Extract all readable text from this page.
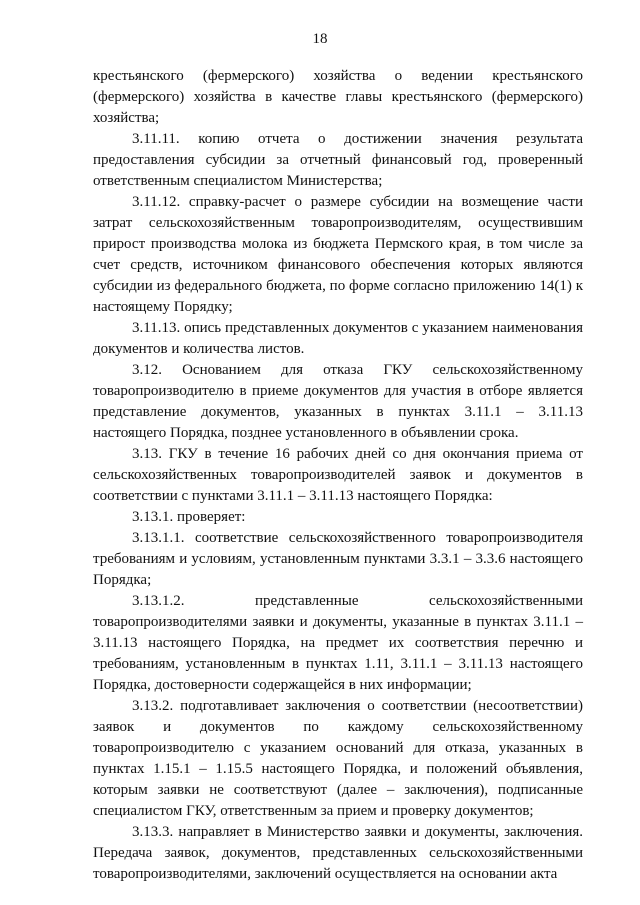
18

крестьянского (фермерского) хозяйства о ведении крестьянского (фермерского) хозяйства в качестве главы крестьянского (фермерского) хозяйства;

3.11.11. копию отчета о достижении значения результата предоставления субсидии за отчетный финансовый год, проверенный ответственным специалистом Министерства;

3.11.12. справку-расчет о размере субсидии на возмещение части затрат сельскохозяйственным товаропроизводителям, осуществившим прирост производства молока из бюджета Пермского края, в том числе за счет средств, источником финансового обеспечения которых являются субсидии из федерального бюджета, по форме согласно приложению 14(1) к настоящему Порядку;

3.11.13. опись представленных документов с указанием наименования документов и количества листов.

3.12. Основанием для отказа ГКУ сельскохозяйственному товаропроизводителю в приеме документов для участия в отборе является представление документов, указанных в пунктах 3.11.1 – 3.11.13 настоящего Порядка, позднее установленного в объявлении срока.

3.13. ГКУ в течение 16 рабочих дней со дня окончания приема от сельскохозяйственных товаропроизводителей заявок и документов в соответствии с пунктами 3.11.1 – 3.11.13 настоящего Порядка:

3.13.1. проверяет:

3.13.1.1. соответствие сельскохозяйственного товаропроизводителя требованиям и условиям, установленным пунктами 3.3.1 – 3.3.6 настоящего Порядка;

3.13.1.2. представленные сельскохозяйственными товаропроизводителями заявки и документы, указанные в пунктах 3.11.1 – 3.11.13 настоящего Порядка, на предмет их соответствия перечню и требованиям, установленным в пунктах 1.11, 3.11.1 – 3.11.13 настоящего Порядка, достоверности содержащейся в них информации;

3.13.2. подготавливает заключения о соответствии (несоответствии) заявок и документов по каждому сельскохозяйственному товаропроизводителю с указанием оснований для отказа, указанных в пунктах 1.15.1 – 1.15.5 настоящего Порядка, и положений объявления, которым заявки не соответствуют (далее – заключения), подписанные специалистом ГКУ, ответственным за прием и проверку документов;

3.13.3. направляет в Министерство заявки и документы, заключения. Передача заявок, документов, представленных сельскохозяйственными товаропроизводителями, заключений осуществляется на основании акта
